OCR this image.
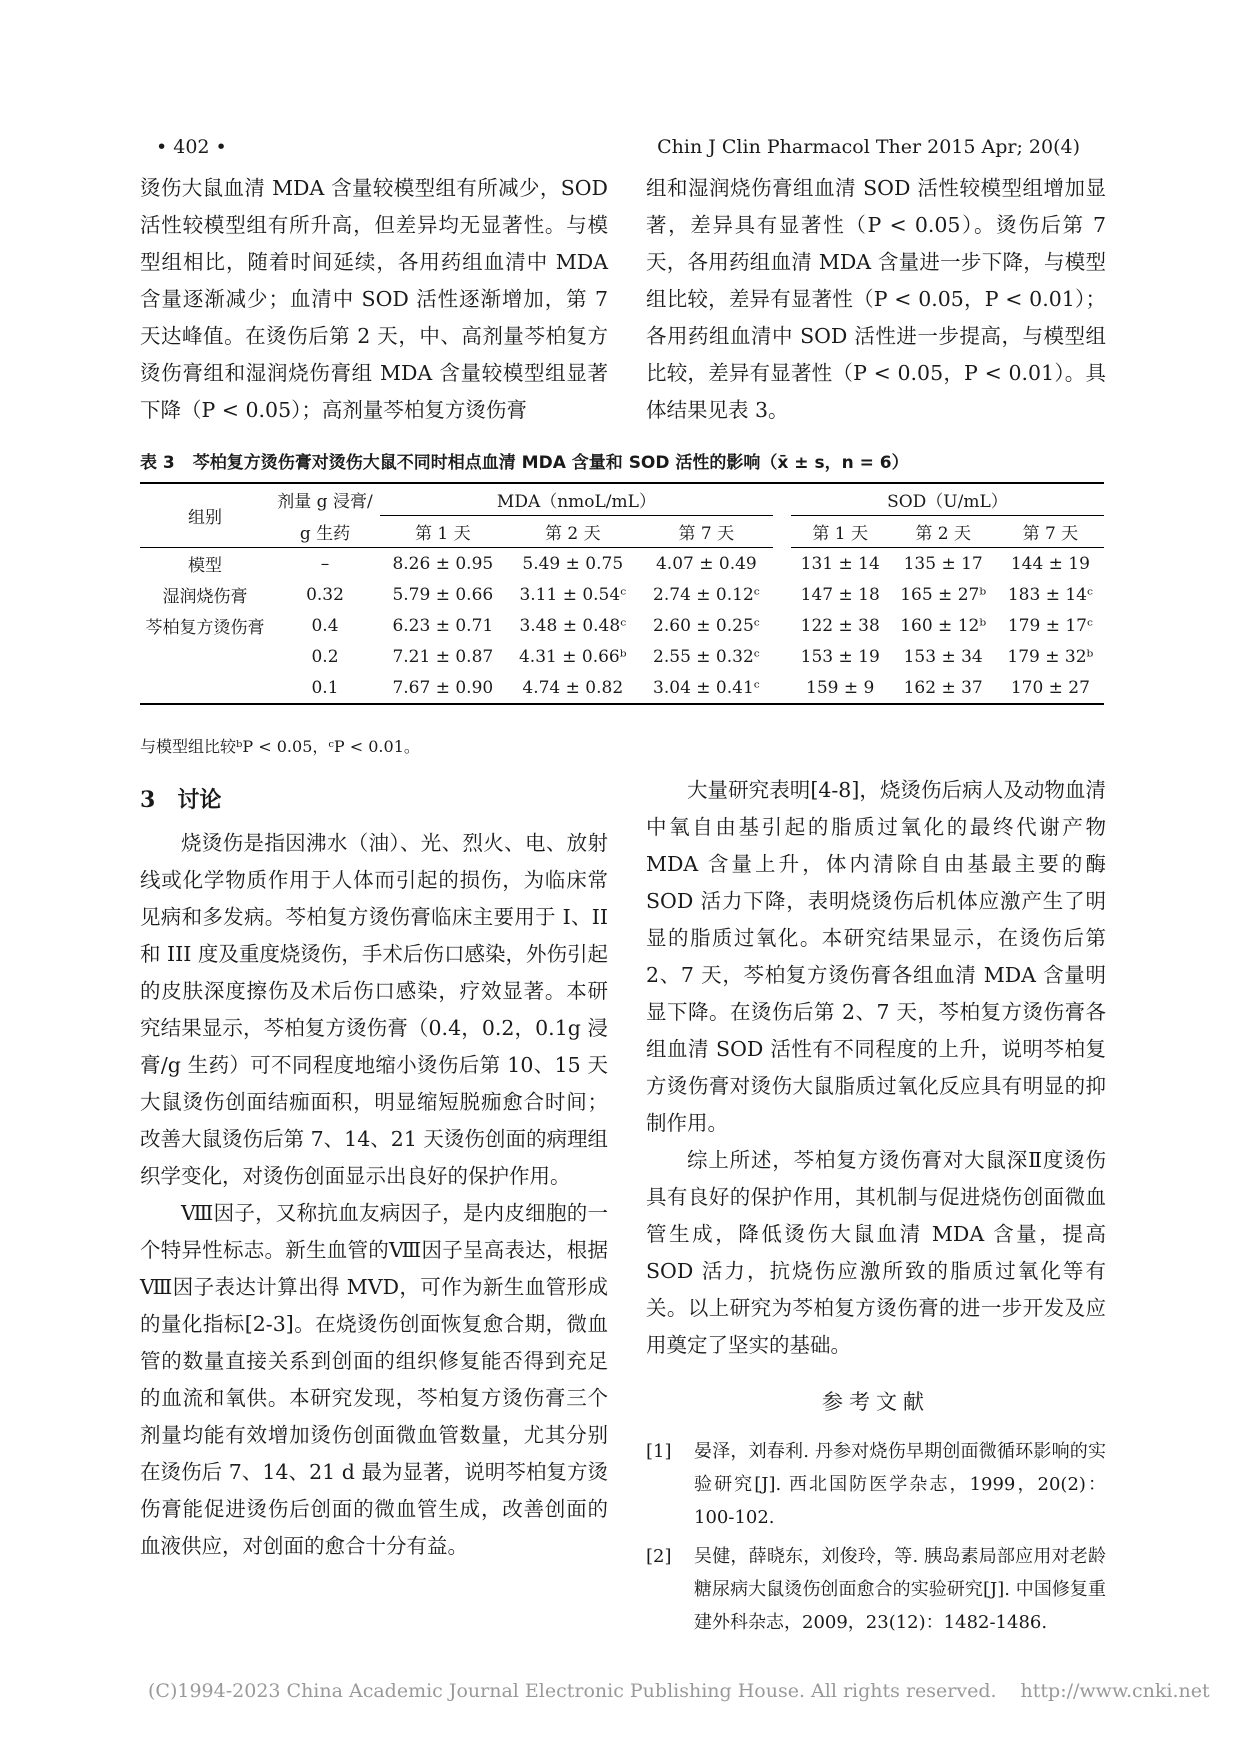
• 402 •	Chin J Clin Pharmacol Ther 2015 Apr; 20(4)

烫伤大鼠血清 MDA 含量较模型组有所减少，SOD 活性较模型组有所升高，但差异均无显著性。与模型组相比，随着时间延续，各用药组血清中 MDA 含量逐渐减少；血清中 SOD 活性逐渐增加，第 7 天达峰值。在烫伤后第 2 天，中、高剂量芩柏复方烫伤膏组和湿润烧伤膏组 MDA 含量较模型组显著下降（P < 0.05）；高剂量芩柏复方烫伤膏

组和湿润烧伤膏组血清 SOD 活性较模型组增加显著，差异具有显著性（P < 0.05）。烫伤后第 7 天，各用药组血清 MDA 含量进一步下降，与模型组比较，差异有显著性（P < 0.05，P < 0.01）；各用药组血清中 SOD 活性进一步提高，与模型组比较，差异有显著性（P < 0.05，P < 0.01）。具体结果见表 3。

表 3 芩柏复方烫伤膏对烫伤大鼠不同时相点血清 MDA 含量和 SOD 活性的影响（x̄ ± s，n = 6）
组别	剂量 g 浸膏/	MDA（nmoL/mL）				SOD（U/mL）		
	g 生药	第 1 天	第 2 天	第 7 天		第 1 天	第 2 天	第 7 天
模型	–	8.26 ± 0.95	5.49 ± 0.75	4.07 ± 0.49		131 ± 14	135 ± 17	144 ± 19
湿润烧伤膏	0.32	5.79 ± 0.66	3.11 ± 0.54ᶜ	2.74 ± 0.12ᶜ		147 ± 18	165 ± 27ᵇ	183 ± 14ᶜ
芩柏复方烫伤膏	0.4	6.23 ± 0.71	3.48 ± 0.48ᶜ	2.60 ± 0.25ᶜ		122 ± 38	160 ± 12ᵇ	179 ± 17ᶜ
	0.2	7.21 ± 0.87	4.31 ± 0.66ᵇ	2.55 ± 0.32ᶜ		153 ± 19	153 ± 34	179 ± 32ᵇ
	0.1	7.67 ± 0.90	4.74 ± 0.82	3.04 ± 0.41ᶜ		159 ± 9	162 ± 37	170 ± 27
与模型组比较ᵇP < 0.05，ᶜP < 0.01。
3 讨论

烧烫伤是指因沸水（油）、光、烈火、电、放射线或化学物质作用于人体而引起的损伤，为临床常见病和多发病。芩柏复方烫伤膏临床主要用于 I、II 和 III 度及重度烧烫伤，手术后伤口感染，外伤引起的皮肤深度擦伤及术后伤口感染，疗效显著。本研究结果显示，芩柏复方烫伤膏（0.4，0.2，0.1g 浸膏/g 生药）可不同程度地缩小烫伤后第 10、15 天大鼠烫伤创面结痂面积，明显缩短脱痂愈合时间；改善大鼠烫伤后第 7、14、21 天烫伤创面的病理组织学变化，对烫伤创面显示出良好的保护作用。

Ⅷ因子，又称抗血友病因子，是内皮细胞的一个特异性标志。新生血管的Ⅷ因子呈高表达，根据Ⅷ因子表达计算出得 MVD，可作为新生血管形成的量化指标[2-3]。在烧烫伤创面恢复愈合期，微血管的数量直接关系到创面的组织修复能否得到充足的血流和氧供。本研究发现，芩柏复方烫伤膏三个剂量均能有效增加烫伤创面微血管数量，尤其分别在烫伤后 7、14、21 d 最为显著，说明芩柏复方烫伤膏能促进烫伤后创面的微血管生成，改善创面的血液供应，对创面的愈合十分有益。

大量研究表明[4-8]，烧烫伤后病人及动物血清中氧自由基引起的脂质过氧化的最终代谢产物 MDA 含量上升，体内清除自由基最主要的酶 SOD 活力下降，表明烧烫伤后机体应激产生了明显的脂质过氧化。本研究结果显示，在烫伤后第 2、7 天，芩柏复方烫伤膏各组血清 MDA 含量明显下降。在烫伤后第 2、7 天，芩柏复方烫伤膏各组血清 SOD 活性有不同程度的上升，说明芩柏复方烫伤膏对烫伤大鼠脂质过氧化反应具有明显的抑制作用。

综上所述，芩柏复方烫伤膏对大鼠深Ⅱ度烫伤具有良好的保护作用，其机制与促进烧伤创面微血管生成，降低烫伤大鼠血清 MDA 含量，提高 SOD 活力，抗烧伤应激所致的脂质过氧化等有关。以上研究为芩柏复方烫伤膏的进一步开发及应用奠定了坚实的基础。

参考文献
[1]	晏泽，刘春利. 丹参对烧伤早期创面微循环影响的实验研究[J]. 西北国防医学杂志，1999，20(2)：100-102.
[2]	吴健，薛晓东，刘俊玲，等. 胰岛素局部应用对老龄糖尿病大鼠烫伤创面愈合的实验研究[J]. 中国修复重建外科杂志，2009，23(12)：1482-1486.
(C)1994-2023 China Academic Journal Electronic Publishing House. All rights reserved. http://www.cnki.net
